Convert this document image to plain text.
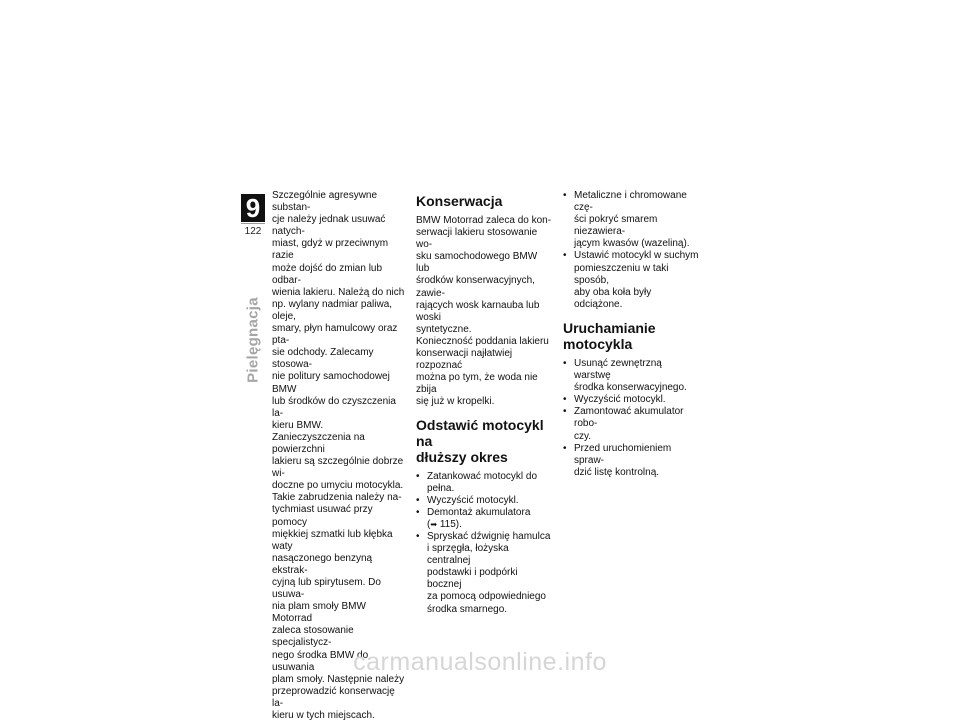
9
122
Pielęgnacja

Szczególnie agresywne substan-
cje należy jednak usuwać natych-
miast, gdyż w przeciwnym razie
może dojść do zmian lub odbar-
wienia lakieru. Należą do nich
np. wylany nadmiar paliwa, oleje,
smary, płyn hamulcowy oraz pta-
sie odchody. Zalecamy stosowa-
nie politury samochodowej BMW
lub środków do czyszczenia la-
kieru BMW.

Zanieczyszczenia na powierzchni
lakieru są szczególnie dobrze wi-
doczne po umyciu motocykla.
Takie zabrudzenia należy na-
tychmiast usuwać przy pomocy
miękkiej szmatki lub kłębka waty
nasączonego benzyną ekstrak-
cyjną lub spirytusem. Do usuwa-
nia plam smoły BMW Motorrad
zaleca stosowanie specjalistycz-
nego środka BMW do usuwania
plam smoły. Następnie należy
przeprowadzić konserwację la-
kieru w tych miejscach.

Konserwacja

BMW Motorrad zaleca do kon-
serwacji lakieru stosowanie wo-
sku samochodowego BMW lub
środków konserwacyjnych, zawie-
rających wosk karnauba lub woski
syntetyczne.

Konieczność poddania lakieru
konserwacji najłatwiej rozpoznać
można po tym, że woda nie zbija
się już w kropelki.

Odstawić motocykl na
dłuższy okres
• Zatankować motocykl do pełna.
• Wyczyścić motocykl.
• Demontaż akumulatora
(➡ 115).
• Spryskać dźwignię hamulca
i sprzęgła, łożyska centralnej
podstawki i podpórki bocznej
za pomocą odpowiedniego
środka smarnego.
• Metaliczne i chromowane czę-
ści pokryć smarem niezawiera-
jącym kwasów (wazeliną).
• Ustawić motocykl w suchym
pomieszczeniu w taki sposób,
aby oba koła były odciążone.
Uruchamianie
motocykla
• Usunąć zewnętrzną warstwę
środka konserwacyjnego.
• Wyczyścić motocykl.
• Zamontować akumulator robo-
czy.
• Przed uruchomieniem spraw-
dzić listę kontrolną.
carmanualsonline.info
